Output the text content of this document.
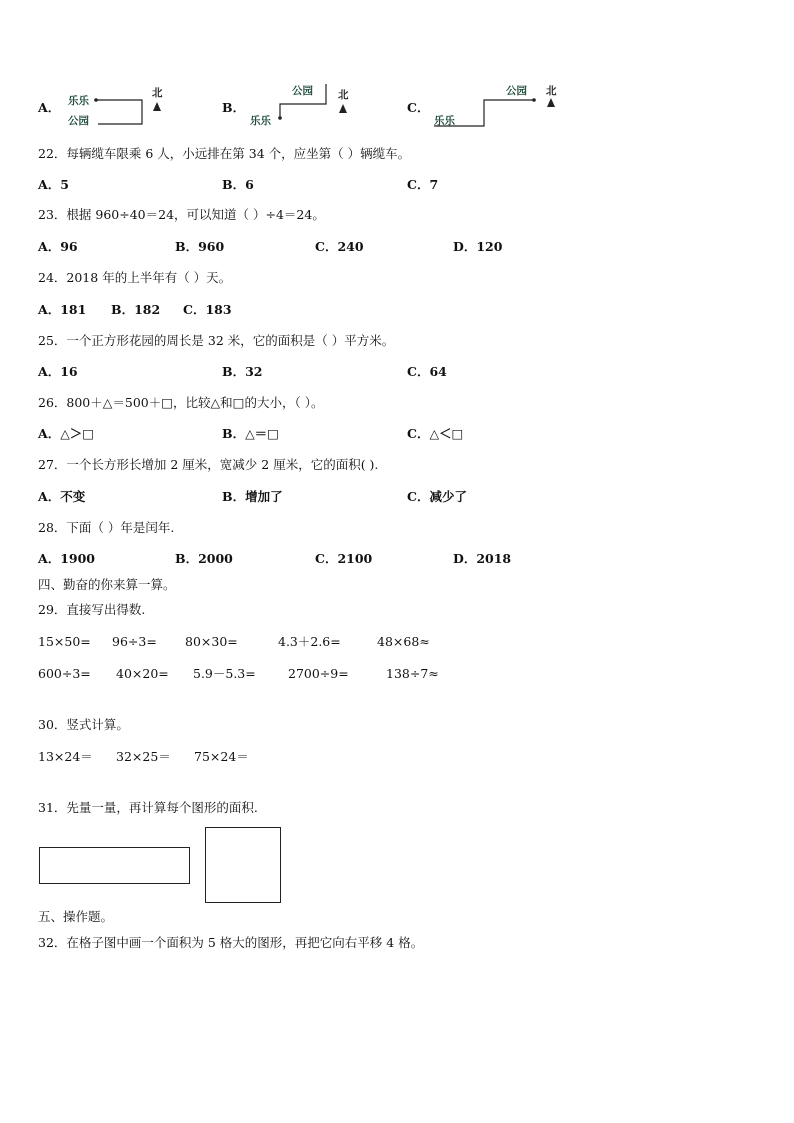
A． 乐乐
公园
北
B．
公园
乐乐
北
C．
公园
乐乐
北
22．每辆缆车限乘 6 人，小远排在第 34 个，应坐第（ ）辆缆车。
A．5	B．6	C．7
23．根据 960÷40＝24，可以知道（ ）÷4＝24。
A．96	B．960	C．240	D．120
24．2018 年的上半年有（ ）天。
A．181 B．182 C．183
25．一个正方形花园的周长是 32 米，它的面积是（ ）平方米。
A．16	B．32	C．64
26．800＋△＝500＋□，比较△和□的大小，（ ）。
A．△＞□	B．△＝□	C．△＜□
27．一个长方形长增加 2 厘米，宽减少 2 厘米，它的面积( ).
A．不变	B．增加了	C．减少了
28．下面（ ）年是闰年.
A．1900	B．2000	C．2100	D．2018
四、勤奋的你来算一算。
29．直接写出得数.
15×50= 96÷3= 80×30=	4.3＋2.6=	48×68≈
600÷3= 40×20= 5.9－5.3=	2700÷9=	138÷7≈
30．竖式计算。
13×24＝ 32×25＝ 75×24＝
31．先量一量，再计算每个图形的面积.
五、操作题。
32．在格子图中画一个面积为 5 格大的图形，再把它向右平移 4 格。
